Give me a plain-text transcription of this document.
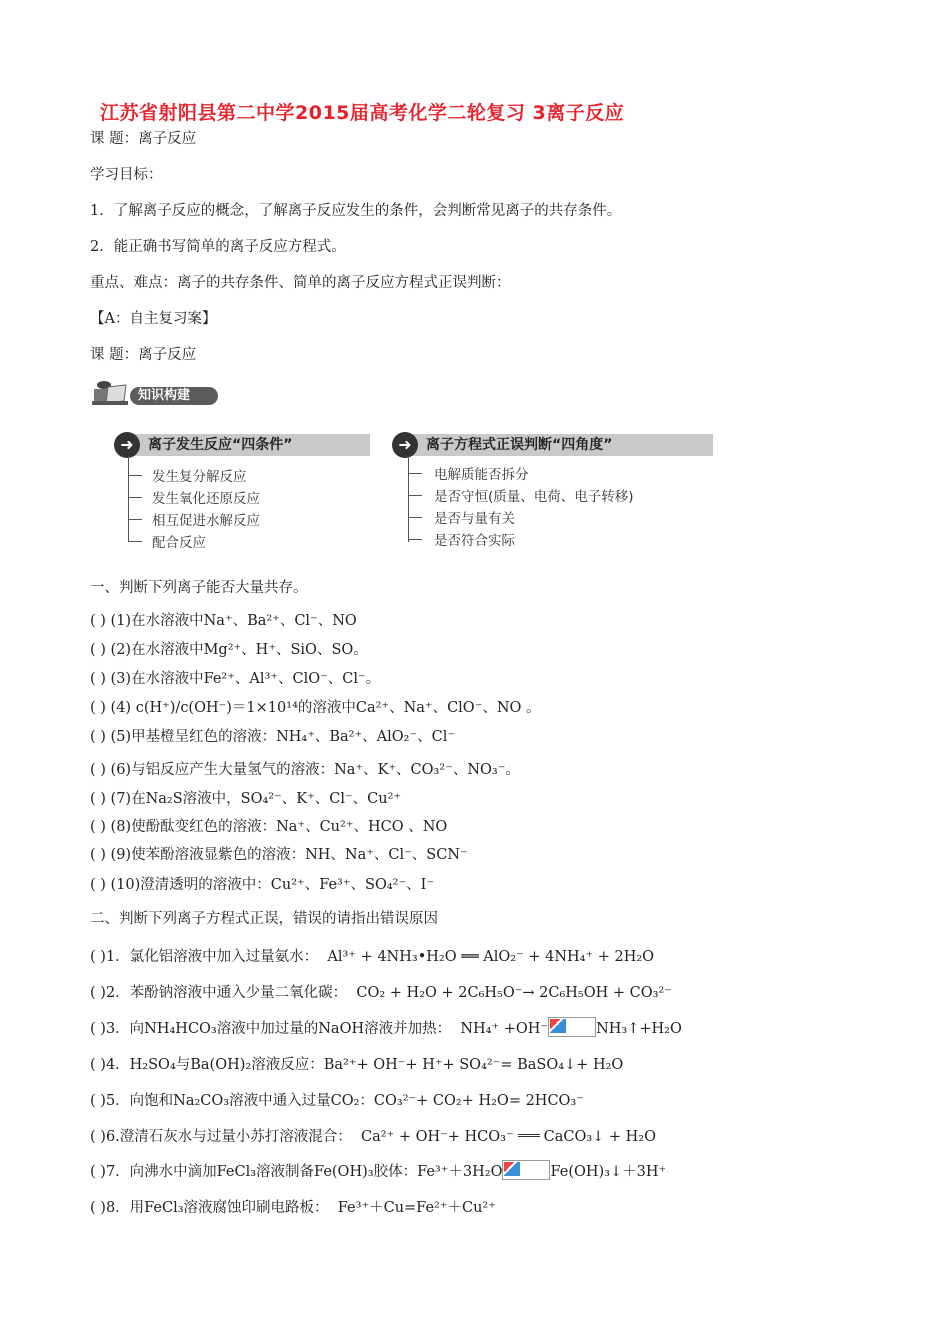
江苏省射阳县第二中学2015届高考化学二轮复习 3离子反应
课 题：离子反应
学习目标：
1．了解离子反应的概念，了解离子反应发生的条件，会判断常见离子的共存条件。
2．能正确书写简单的离子反应方程式。
重点、难点：离子的共存条件、简单的离子反应方程式正误判断：
【A：自主复习案】
课 题：离子反应
知识构建
➜	离子发生反应“四条件”
发生复分解反应
发生氧化还原反应
相互促进水解反应
配合反应
➜	离子方程式正误判断“四角度”
电解质能否拆分
是否守恒(质量、电荷、电子转移)
是否与量有关
是否符合实际
一、判断下列离子能否大量共存。
( ) (1)在水溶液中Na⁺、Ba²⁺、Cl⁻、NO
( ) (2)在水溶液中Mg²⁺、H⁺、SiO、SO。
( ) (3)在水溶液中Fe²⁺、Al³⁺、ClO⁻、Cl⁻。
( ) (4) c(H⁺)/c(OH⁻)＝1×10¹⁴的溶液中Ca²⁺、Na⁺、ClO⁻、NO 。
( ) (5)甲基橙呈红色的溶液：NH₄⁺、Ba²⁺、AlO₂⁻、Cl⁻
( ) (6)与铝反应产生大量氢气的溶液：Na⁺、K⁺、CO₃²⁻、NO₃⁻。
( ) (7)在Na₂S溶液中，SO₄²⁻、K⁺、Cl⁻、Cu²⁺
( ) (8)使酚酞变红色的溶液：Na⁺、Cu²⁺、HCO 、NO
( ) (9)使苯酚溶液显紫色的溶液：NH、Na⁺、Cl⁻、SCN⁻
( ) (10)澄清透明的溶液中：Cu²⁺、Fe³⁺、SO₄²⁻、I⁻
二、判断下列离子方程式正误，错误的请指出错误原因
( )1．氯化铝溶液中加入过量氨水： Al³⁺ + 4NH₃•H₂O ══ AlO₂⁻ + 4NH₄⁺ + 2H₂O
( )2．苯酚钠溶液中通入少量二氧化碳： CO₂ + H₂O + 2C₆H₅O⁻→ 2C₆H₅OH + CO₃²⁻
( )3．向NH₄HCO₃溶液中加过量的NaOH溶液并加热： NH₄⁺ +OH⁻	NH₃↑+H₂O
( )4．H₂SO₄与Ba(OH)₂溶液反应：Ba²⁺+ OH⁻+ H⁺+ SO₄²⁻= BaSO₄↓+ H₂O
( )5．向饱和Na₂CO₃溶液中通入过量CO₂：CO₃²⁻+ CO₂+ H₂O= 2HCO₃⁻
( )6.澄清石灰水与过量小苏打溶液混合： Ca²⁺ + OH⁻+ HCO₃⁻ CaCO₃↓ + H₂O
( )7．向沸水中滴加FeCl₃溶液制备Fe(OH)₃胶体：Fe³⁺＋3H₂O	Fe(OH)₃↓＋3H⁺
( )8．用FeCl₃溶液腐蚀印刷电路板： Fe³⁺＋Cu=Fe²⁺＋Cu²⁺
